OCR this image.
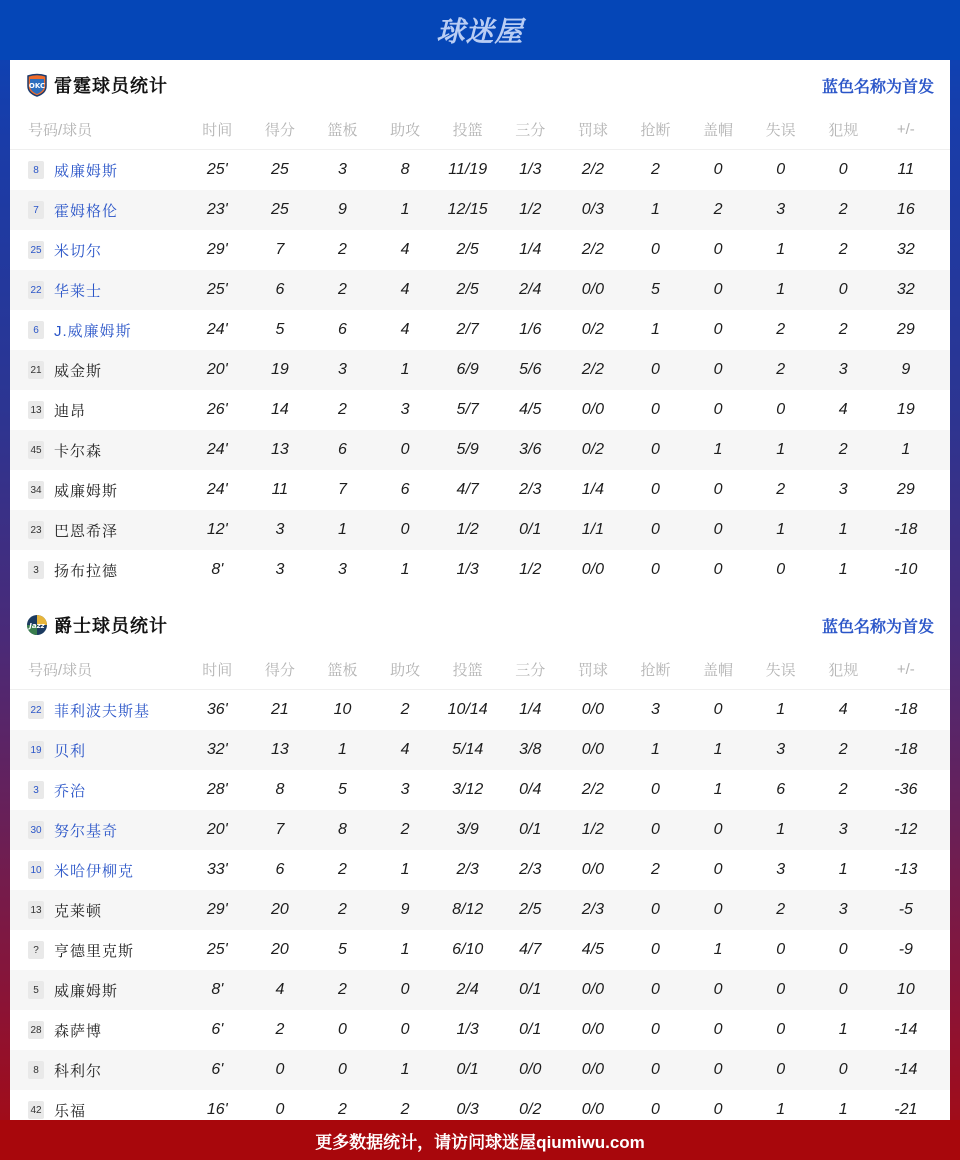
球迷屋
OKC 雷霆球员统计	蓝色名称为首发
号码/球员	时间	得分	篮板	助攻	投篮	三分	罚球	抢断	盖帽	失误	犯规	+/-
8	威廉姆斯	25'	25	3	8	11/19	1/3	2/2	2	0	0	0	11
7	霍姆格伦	23'	25	9	1	12/15	1/2	0/3	1	2	3	2	16
25 米切尔	29'	7	2	4	2/5	1/4	2/2	0	0	1	2	32
22 华莱士	25'	6	2	4	2/5	2/4	0/0	5	0	1	0	32
6	J.威廉姆斯	24'	5	6	4	2/7	1/6	0/2	1	0	2	2	29
21 威金斯	20'	19	3	1	6/9	5/6	2/2	0	0	2	3	9
13 迪昂	26'	14	2	3	5/7	4/5	0/0	0	0	0	4	19
45 卡尔森	24'	13	6	0	5/9	3/6	0/2	0	1	1	2	1
34 威廉姆斯	24'	11	7	6	4/7	2/3	1/4	0	0	2	3	29
23 巴恩希泽	12'	3	1	0	1/2	0/1	1/1	0	0	1	1	-18
3	扬布拉德	8'	3	3	1	1/3	1/2	0/0	0	0	0	1	-10
Jazz 爵士球员统计	蓝色名称为首发
号码/球员	时间	得分	篮板	助攻	投篮	三分	罚球	抢断	盖帽	失误	犯规	+/-
22 菲利波夫斯基	36'	21	10	2	10/14	1/4	0/0	3	0	1	4	-18
19 贝利	32'	13	1	4	5/14	3/8	0/0	1	1	3	2	-18
3	乔治	28'	8	5	3	3/12	0/4	2/2	0	1	6	2	-36
30 努尔基奇	20'	7	8	2	3/9	0/1	1/2	0	0	1	3	-12
10 米哈伊柳克	33'	6	2	1	2/3	2/3	0/0	2	0	3	1	-13
13 克莱顿	29'	20	2	9	8/12	2/5	2/3	0	0	2	3	-5
?	亨德里克斯	25'	20	5	1	6/10	4/7	4/5	0	1	0	0	-9
5	威廉姆斯	8'	4	2	0	2/4	0/1	0/0	0	0	0	0	10
28 森萨博	6'	2	0	0	1/3	0/1	0/0	0	0	0	1	-14
8	科利尔	6'	0	0	1	0/1	0/0	0/0	0	0	0	0	-14
42 乐福	16'	0	2	2	0/3	0/2	0/0	0	0	1	1	-21
更多数据统计，请访问球迷屋qiumiwu.com
